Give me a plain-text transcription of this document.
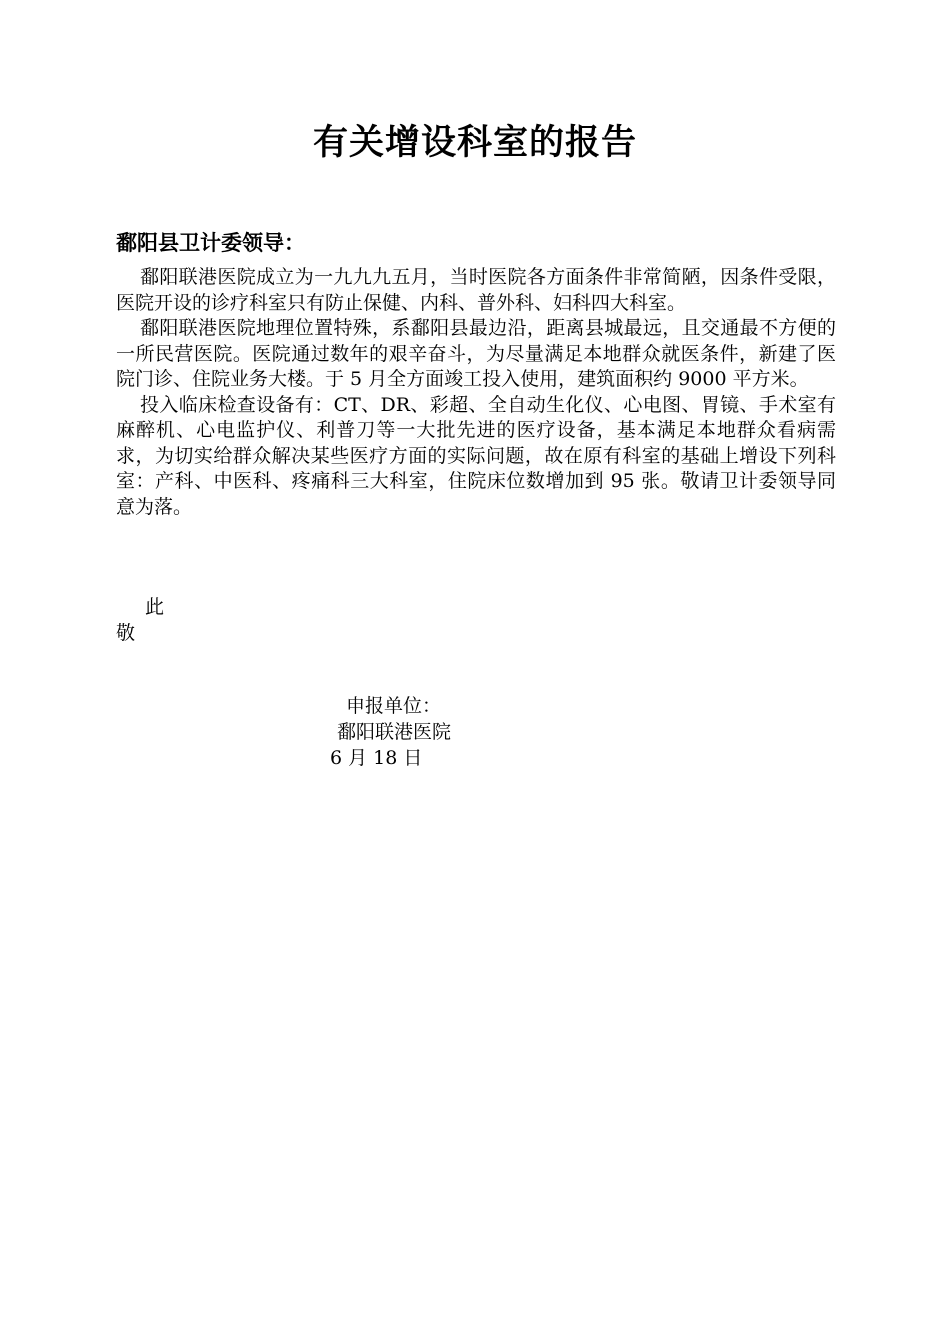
有关增设科室的报告
鄱阳县卫计委领导：

鄱阳联港医院成立为一九九九五月，当时医院各方面条件非常简陋，因条件受限，医院开设的诊疗科室只有防止保健、内科、普外科、妇科四大科室。

鄱阳联港医院地理位置特殊，系鄱阳县最边沿，距离县城最远，且交通最不方便的一所民营医院。医院通过数年的艰辛奋斗，为尽量满足本地群众就医条件，新建了医院门诊、住院业务大楼。于 5 月全方面竣工投入使用，建筑面积约 9000 平方米。

投入临床检查设备有：CT、DR、彩超、全自动生化仪、心电图、胃镜、手术室有麻醉机、心电监护仪、利普刀等一大批先进的医疗设备，基本满足本地群众看病需求，为切实给群众解决某些医疗方面的实际问题，故在原有科室的基础上增设下列科室：产科、中医科、疼痛科三大科室，住院床位数增加到 95 张。敬请卫计委领导同意为落。

此
敬
申报单位：
鄱阳联港医院
6 月 18 日
